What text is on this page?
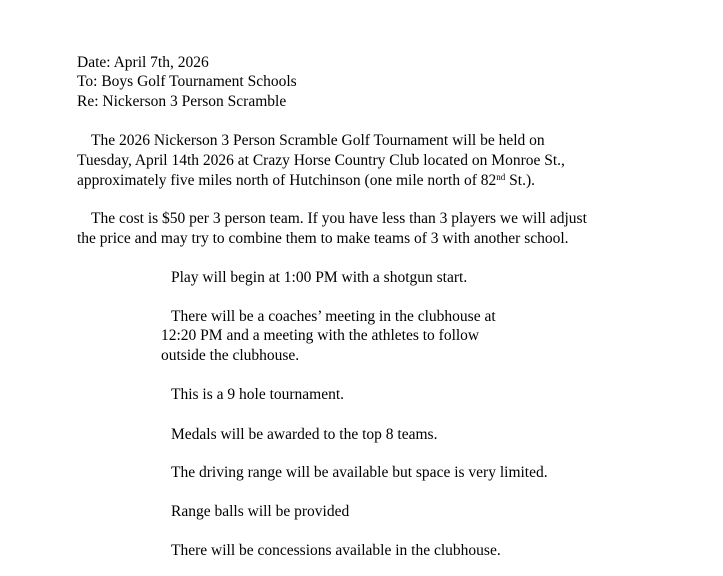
Date: April 7th, 2026
To: Boys Golf Tournament Schools
Re: Nickerson 3 Person Scramble
The 2026 Nickerson 3 Person Scramble Golf Tournament will be held on
Tuesday, April 14th 2026 at Crazy Horse Country Club located on Monroe St.,
approximately five miles north of Hutchinson (one mile north of 82nd St.).
The cost is $50 per 3 person team. If you have less than 3 players we will adjust
the price and may try to combine them to make teams of 3 with another school.
Play will begin at 1:00 PM with a shotgun start.
There will be a coaches’ meeting in the clubhouse at
12:20 PM and a meeting with the athletes to follow
outside the clubhouse.
This is a 9 hole tournament.
Medals will be awarded to the top 8 teams.
The driving range will be available but space is very limited.
Range balls will be provided
There will be concessions available in the clubhouse.
